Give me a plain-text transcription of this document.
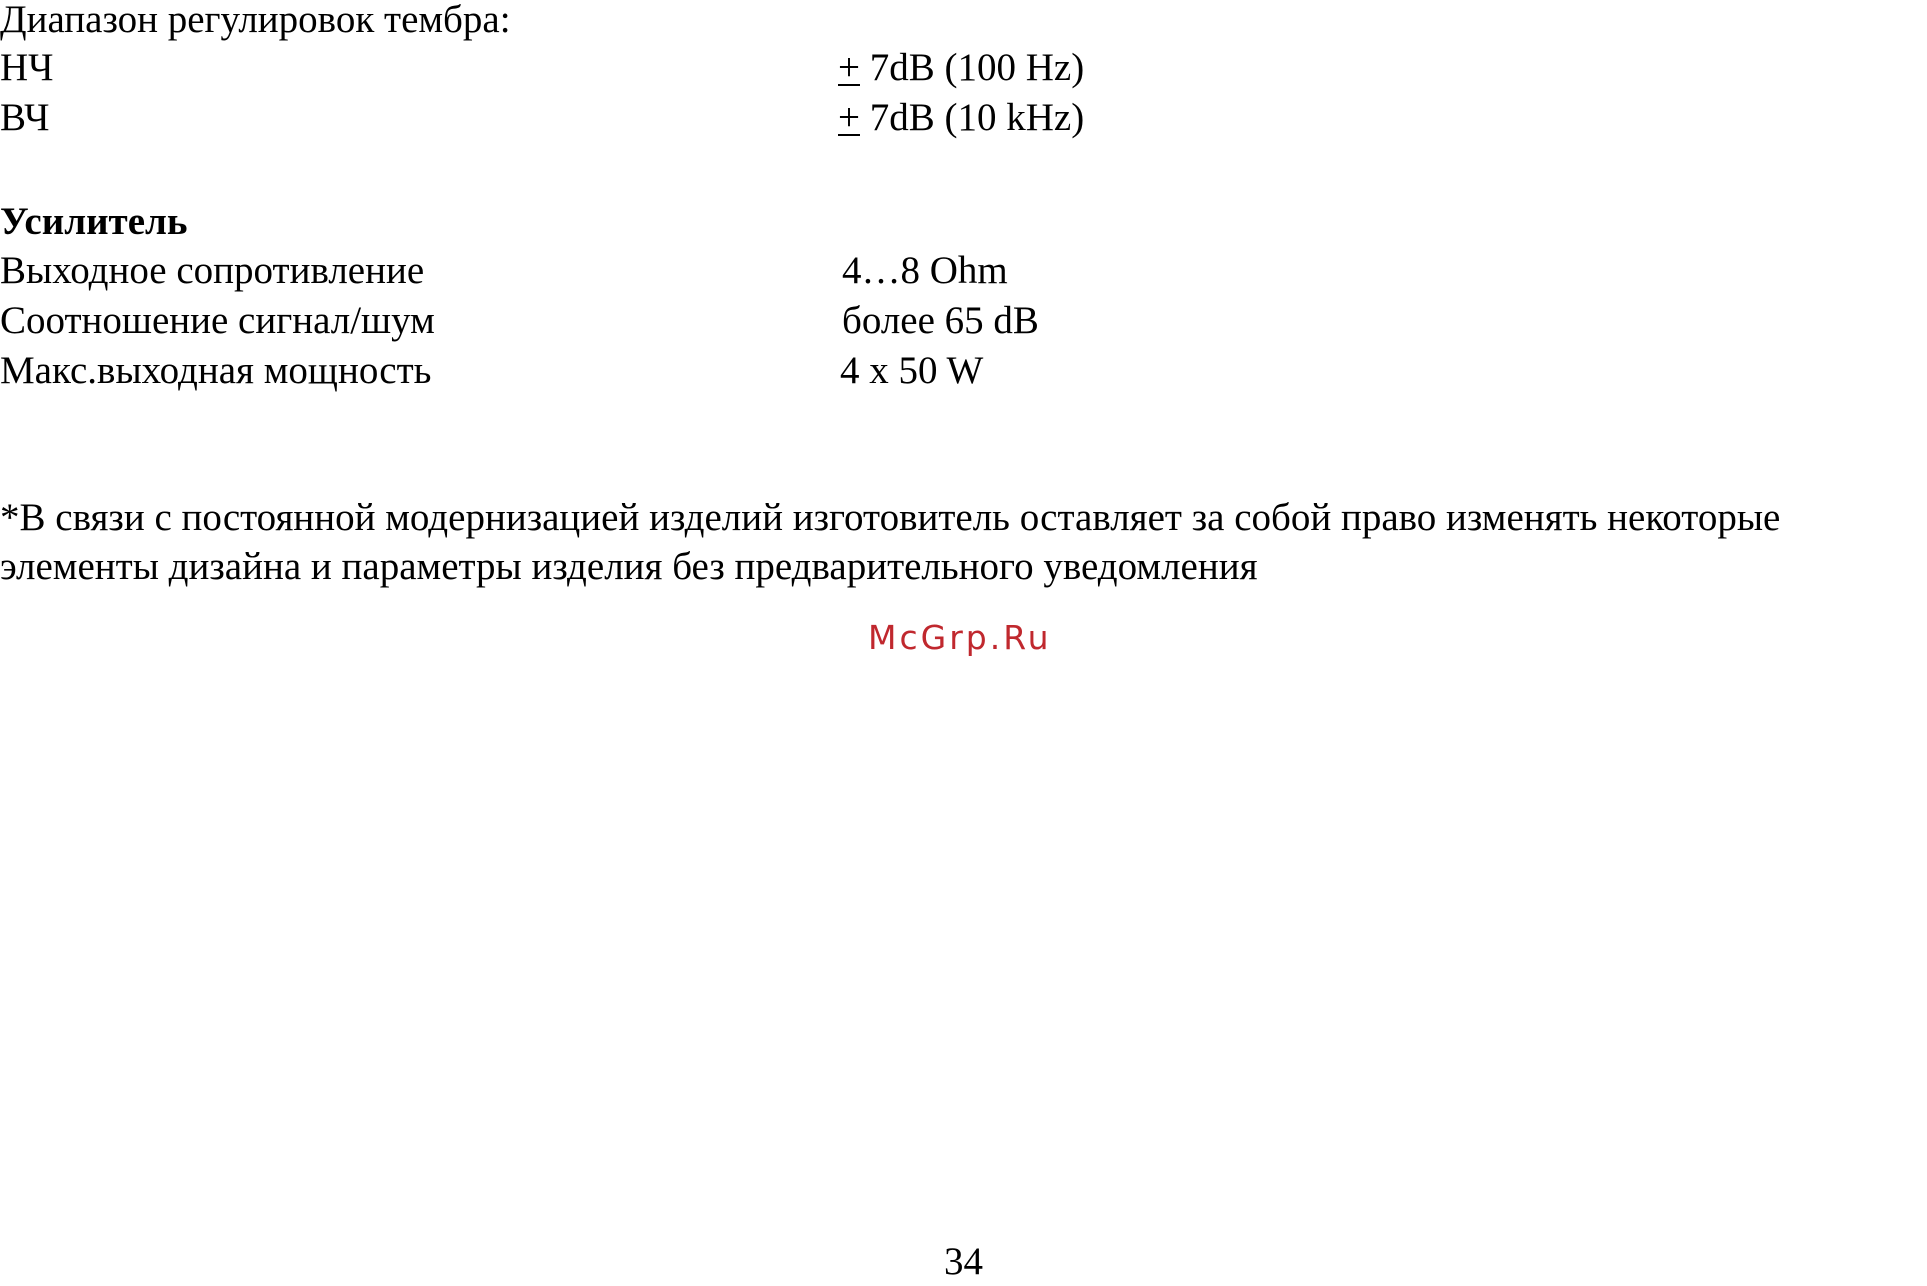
Диапазон регулировок тембра:
НЧ	+ 7dB (100 Hz)
ВЧ	+ 7dB (10 kHz)
Усилитель
Выходное сопротивление	4…8 Ohm
Соотношение сигнал/шум	более 65 dB
Макс.выходная мощность	4 x 50 W
*В связи с постоянной модернизацией изделий изготовитель оставляет за собой право изменять некоторые
элементы дизайна и параметры изделия без предварительного уведомления
McGrp.Ru
34
